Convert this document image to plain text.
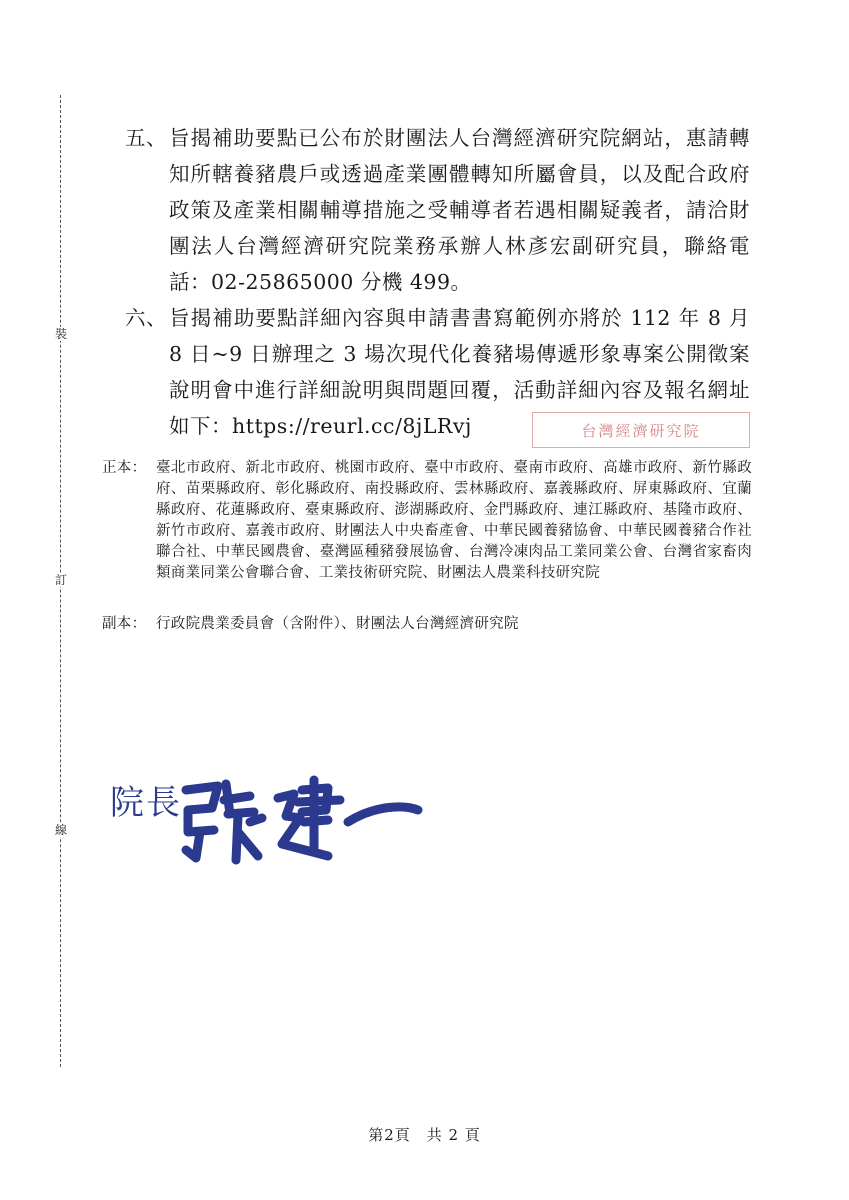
裝
訂
線
五、 旨揭補助要點已公布於財團法人台灣經濟研究院網站，惠請轉知所轄養豬農戶或透過產業團體轉知所屬會員，以及配合政府政策及產業相關輔導措施之受輔導者若遇相關疑義者，請洽財團法人台灣經濟研究院業務承辦人林彥宏副研究員，聯絡電話：02-25865000 分機 499。
六、 旨揭補助要點詳細內容與申請書書寫範例亦將於 112 年 8 月 8 日~9 日辦理之 3 場次現代化養豬場傳遞形象專案公開徵案說明會中進行詳細說明與問題回覆，活動詳細內容及報名網址如下：https://reurl.cc/8jLRvj	台灣經濟研究院
正本： 臺北市政府、新北市政府、桃園市政府、臺中市政府、臺南市政府、高雄市政府、新竹縣政府、苗栗縣政府、彰化縣政府、南投縣政府、雲林縣政府、嘉義縣政府、屏東縣政府、宜蘭縣政府、花蓮縣政府、臺東縣政府、澎湖縣政府、金門縣政府、連江縣政府、基隆市政府、新竹市政府、嘉義市政府、財團法人中央畜產會、中華民國養豬協會、中華民國養豬合作社聯合社、中華民國農會、臺灣區種豬發展協會、台灣冷凍肉品工業同業公會、台灣省家畜肉類商業同業公會聯合會、工業技術研究院、財團法人農業科技研究院
副本： 行政院農業委員會（含附件）、財團法人台灣經濟研究院
院長
第2頁　共 2 頁
